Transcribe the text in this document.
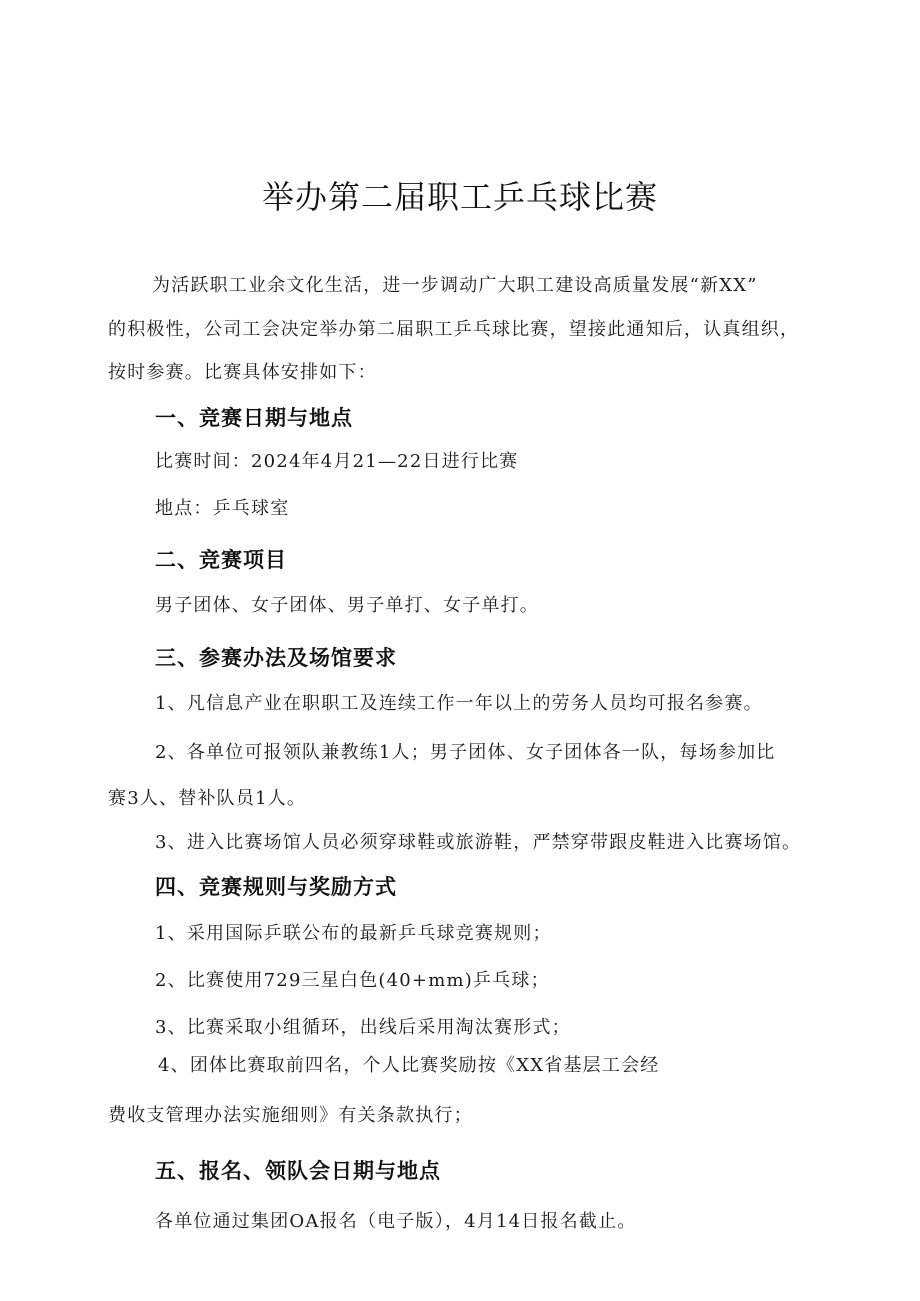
举办第二届职工乒乓球比赛
为活跃职工业余文化生活，进一步调动广大职工建设高质量发展“新XX”
的积极性，公司工会决定举办第二届职工乒乓球比赛，望接此通知后，认真组织，
按时参赛。比赛具体安排如下：
一、竞赛日期与地点
比赛时间：2024年4月21—22日进行比赛
地点：乒乓球室
二、竞赛项目
男子团体、女子团体、男子单打、女子单打。
三、参赛办法及场馆要求
1、凡信息产业在职职工及连续工作一年以上的劳务人员均可报名参赛。
2、各单位可报领队兼教练1人；男子团体、女子团体各一队，每场参加比
赛3人、替补队员1人。
3、进入比赛场馆人员必须穿球鞋或旅游鞋，严禁穿带跟皮鞋进入比赛场馆。
四、竞赛规则与奖励方式
1、采用国际乒联公布的最新乒乓球竞赛规则；
2、比赛使用729三星白色(40+mm)乒乓球；
3、比赛采取小组循环，出线后采用淘汰赛形式；
4、团体比赛取前四名，个人比赛奖励按《XX省基层工会经
费收支管理办法实施细则》有关条款执行；
五、报名、领队会日期与地点
各单位通过集团OA报名（电子版），4月14日报名截止。
